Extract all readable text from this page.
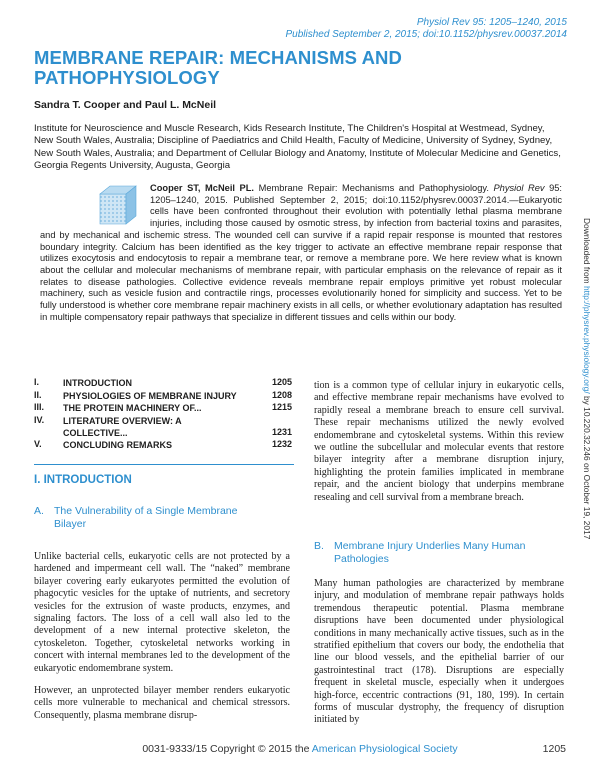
Physiol Rev 95: 1205–1240, 2015
Published September 2, 2015; doi:10.1152/physrev.00037.2014
MEMBRANE REPAIR: MECHANISMS AND PATHOPHYSIOLOGY
Sandra T. Cooper and Paul L. McNeil
Institute for Neuroscience and Muscle Research, Kids Research Institute, The Children's Hospital at Westmead, Sydney, New South Wales, Australia; Discipline of Paediatrics and Child Health, Faculty of Medicine, University of Sydney, Sydney, New South Wales, Australia; and Department of Cellular Biology and Anatomy, Institute of Molecular Medicine and Genetics, Georgia Regents University, Augusta, Georgia
Cooper ST, McNeil PL. Membrane Repair: Mechanisms and Pathophysiology. Physiol Rev 95: 1205–1240, 2015. Published September 2, 2015; doi:10.1152/physrev.00037.2014.—Eukaryotic cells have been confronted throughout their evolution with potentially lethal plasma membrane injuries, including those caused by osmotic stress, by infection from bacterial toxins and parasites, and by mechanical and ischemic stress. The wounded cell can survive if a rapid repair response is mounted that restores boundary integrity. Calcium has been identified as the key trigger to activate an effective membrane repair response that utilizes exocytosis and endocytosis to repair a membrane tear, or remove a membrane pore. We here review what is known about the cellular and molecular mechanisms of membrane repair, with particular emphasis on the relevance of repair as it relates to disease pathologies. Collective evidence reveals membrane repair employs primitive yet robust molecular machinery, such as vesicle fusion and contractile rings, processes evolutionarily honed for simplicity and success. Yet to be fully understood is whether core membrane repair machinery exists in all cells, or whether evolutionary adaptation has resulted in multiple compensatory repair pathways that specialize in different tissues and cells within our body.
I.	INTRODUCTION	1205
II. PHYSIOLOGIES OF MEMBRANE INJURY	1208
III. THE PROTEIN MACHINERY OF...	1215
IV. LITERATURE OVERVIEW: A COLLECTIVE...	1231
V. CONCLUDING REMARKS	1232
I. INTRODUCTION
A. The Vulnerability of a Single Membrane
Bilayer

Unlike bacterial cells, eukaryotic cells are not protected by a hardened and impermeant cell wall. The “naked” membrane bilayer covering early eukaryotes permitted the evolution of phagocytic vesicles for the uptake of nutrients, and secretory vesicles for the extrusion of waste products, enzymes, and signaling factors. The loss of a cell wall also led to the development of a new internal protective skeleton, the cytoskeleton. Together, cytoskeletal networks working in concert with internal membranes led to the development of the eukaryotic endomembrane system.

However, an unprotected bilayer member renders eukaryotic cells more vulnerable to mechanical and chemical stressors. Consequently, plasma membrane disrup-

tion is a common type of cellular injury in eukaryotic cells, and effective membrane repair mechanisms have evolved to rapidly reseal a membrane breach to ensure cell survival. These repair mechanisms utilized the newly evolved endomembrane and cytoskeletal systems. Within this review we outline the subcellular and molecular events that restore bilayer integrity after a membrane disruption injury, highlighting the protein families implicated in membrane repair, and the ancient biology that underpins membrane resealing and cell survival from a membrane breach.

B. Membrane Injury Underlies Many Human
Pathologies

Many human pathologies are characterized by membrane injury, and modulation of membrane repair pathways holds tremendous therapeutic potential. Plasma membrane disruptions have been documented under physiological conditions in many mechanically active tissues, such as in the stratified epithelium that covers our body, the endothelia that line our blood vessels, and the epithelial barrier of our gastrointestinal tract (178). Disruptions are especially frequent in skeletal muscle, especially when it undergoes high-force, eccentric contractions (91, 180, 199). In certain forms of muscular dystrophy, the frequency of disruption initiated by

Downloaded from http://physrev.physiology.org/ by 10.220.32.246 on October 19, 2017
0031-9333/15 Copyright © 2015 the American Physiological Society	1205
